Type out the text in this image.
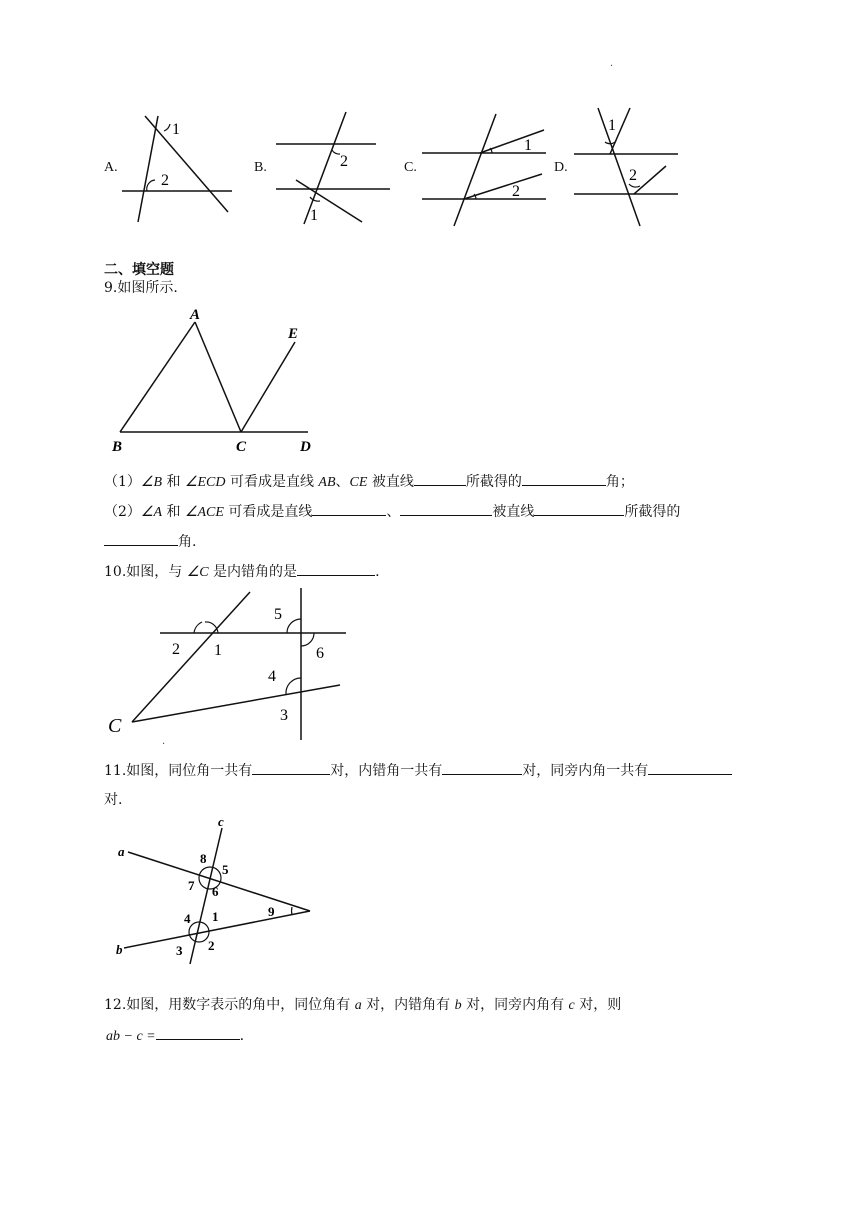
.
A.
1
2
B.	2
1
C.
1
2
D.
1
2
二、填空题
9.如图所示.
A
B	C	D
E
（1）∠B 和 ∠ECD 可看成是直线 AB、CE 被直线	所截得的	角；
（2）∠A 和 ∠ACE 可看成是直线	、	被直线	所截得的
角.
10.如图，与 ∠C 是内错角的是	.
C
1
2
3
4
5
6
.
11.如图，同位角一共有	对，内错角一共有	对，同旁内角一共有
对.
a
b
c
8
5
7 6
4 1
3 2
9
12.如图，用数字表示的角中，同位角有 a 对，内错角有 b 对，同旁内角有 c 对，则
ab − c =	.
